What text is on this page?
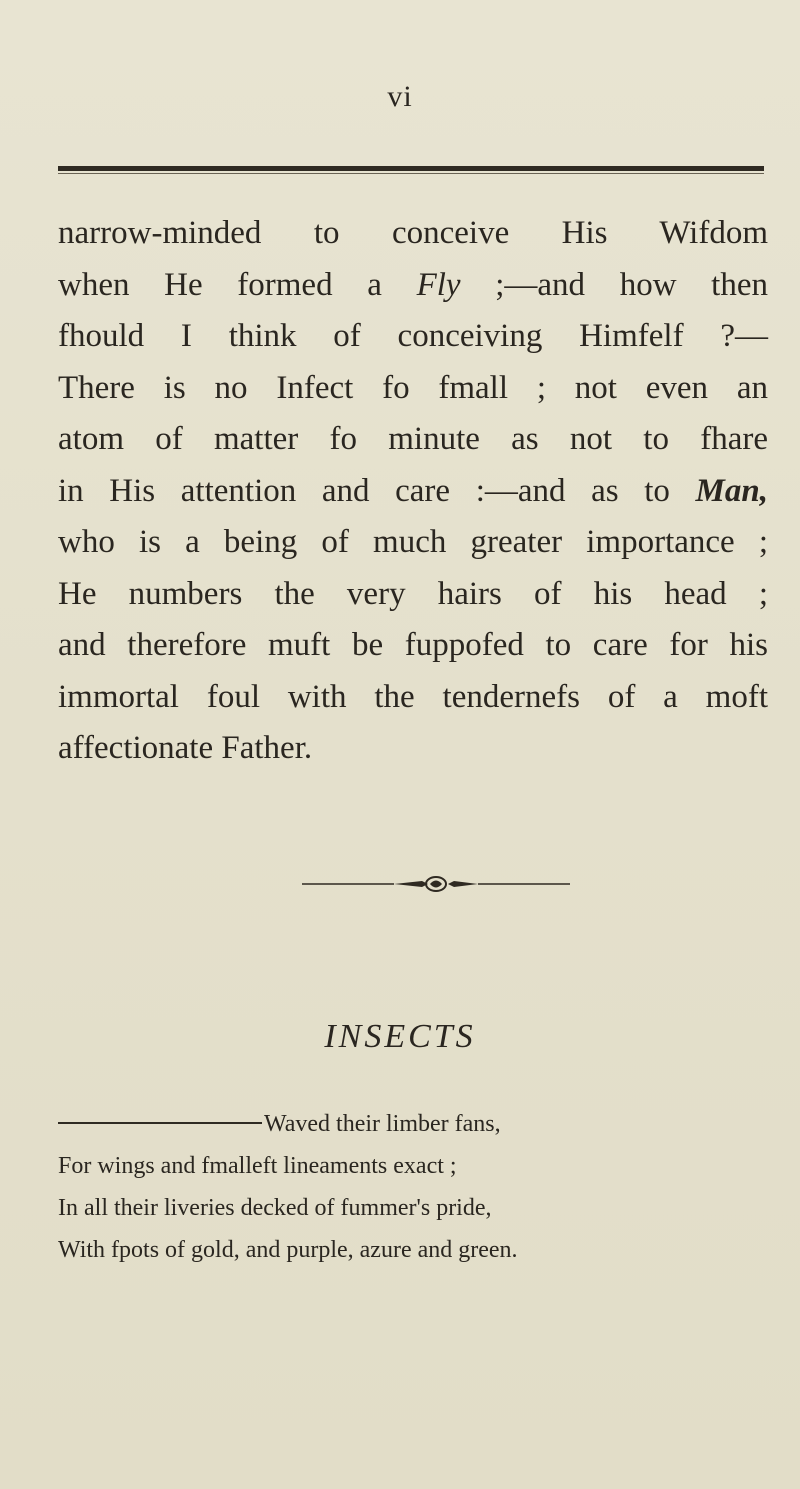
vi
narrow-minded to conceive His Wifdom
when He formed a Fly ;—and how then
fhould I think of conceiving Himfelf ?—
There is no Infect fo fmall ; not even an
atom of matter fo minute as not to fhare
in His attention and care :—and as to Man,
who is a being of much greater importance ;
He numbers the very hairs of his head ;
and therefore muft be fuppofed to care for his
immortal foul with the tendernefs of a moft
affectionate Father.
INSECTS
Waved their limber fans,
For wings and fmalleft lineaments exact ;
In all their liveries decked of fummer's pride,
With fpots of gold, and purple, azure and green.
